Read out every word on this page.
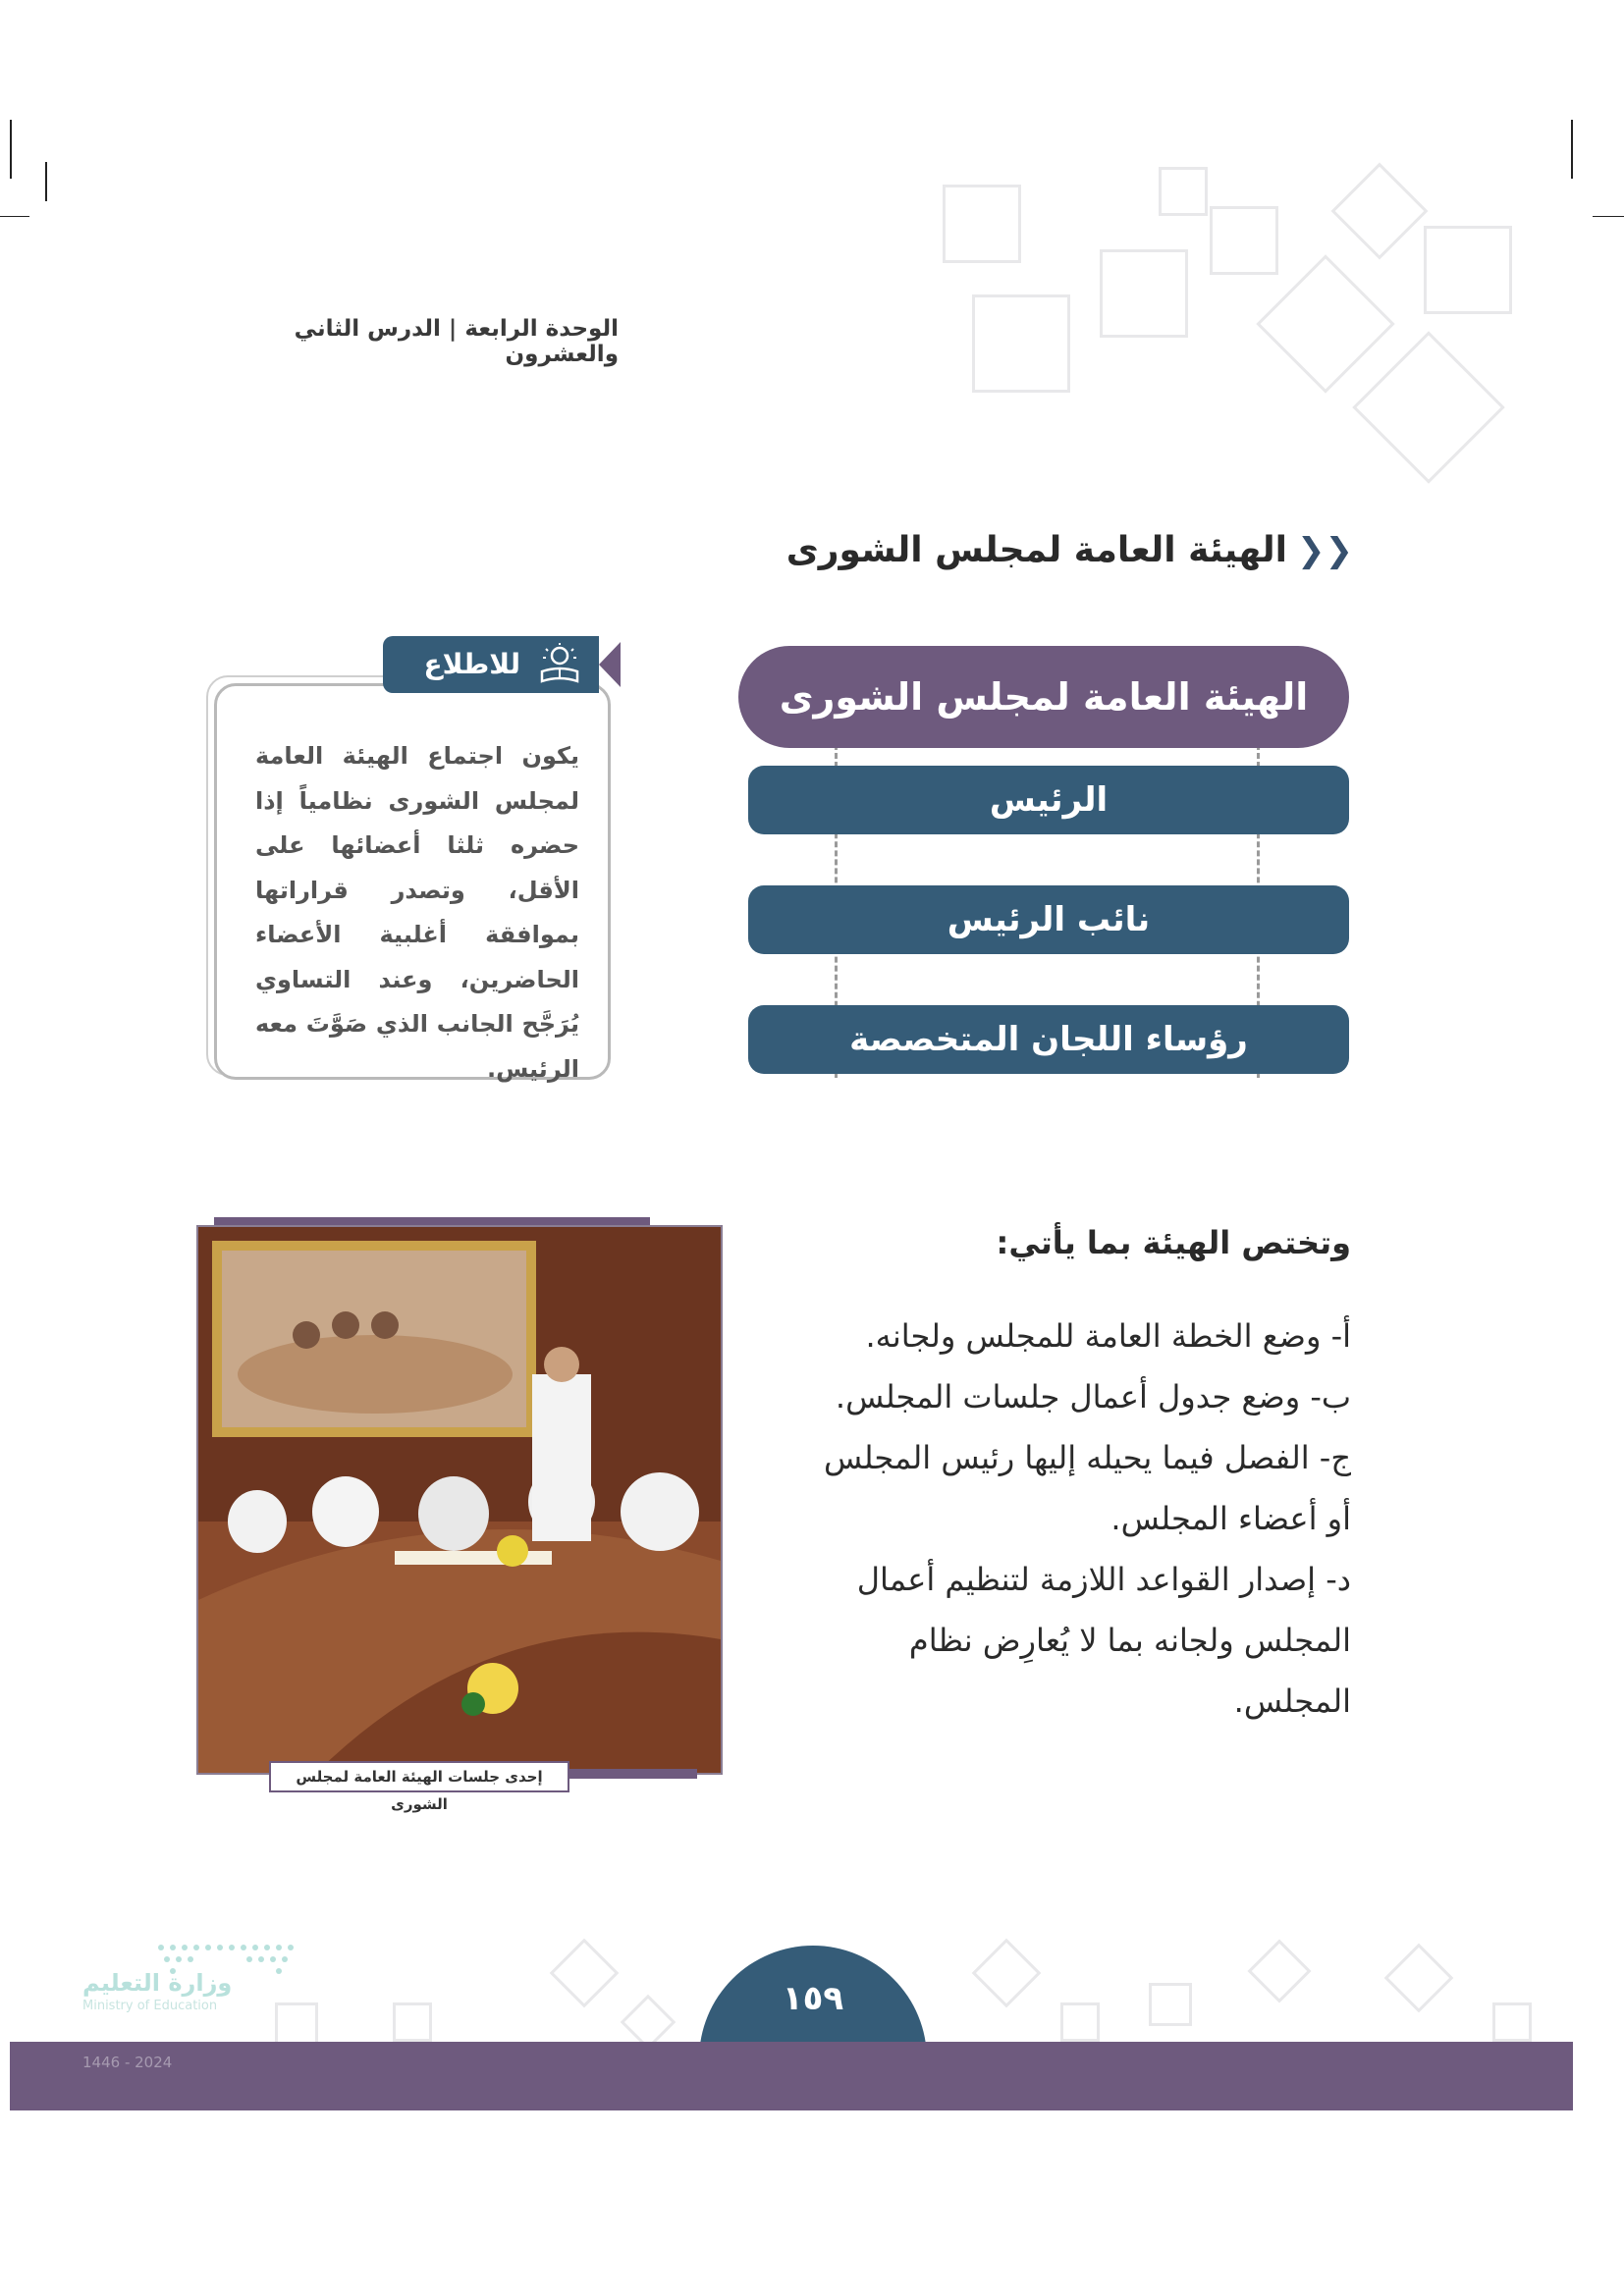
الوحدة الرابعة|الدرس الثاني والعشرون
❮❮الهيئة العامة لمجلس الشورى
الهيئة العامة لمجلس الشورى
الرئيس
نائب الرئيس
رؤساء اللجان المتخصصة
للاطلاع
يكون اجتماع الهيئة العامة لمجلس الشورى نظامياً إذا حضره ثلثا أعضائها على الأقل، وتصدر قراراتها بموافقة أغلبية الأعضاء الحاضرين، وعند التساوي يُرَجَّح الجانب الذي صَوَّتَ معه الرئيس.
وتختص الهيئة بما يأتي:
أ- وضع الخطة العامة للمجلس ولجانه.
ب- وضع جدول أعمال جلسات المجلس.
ج- الفصل فيما يحيله إليها رئيس المجلس أو أعضاء المجلس.
د- إصدار القواعد اللازمة لتنظيم أعمال المجلس ولجانه بما لا يُعارِض نظام المجلس.
إحدى جلسات الهيئة العامة لمجلس الشورى
١٥٩
وزارة التعليم
Ministry of Education
2024 - 1446
